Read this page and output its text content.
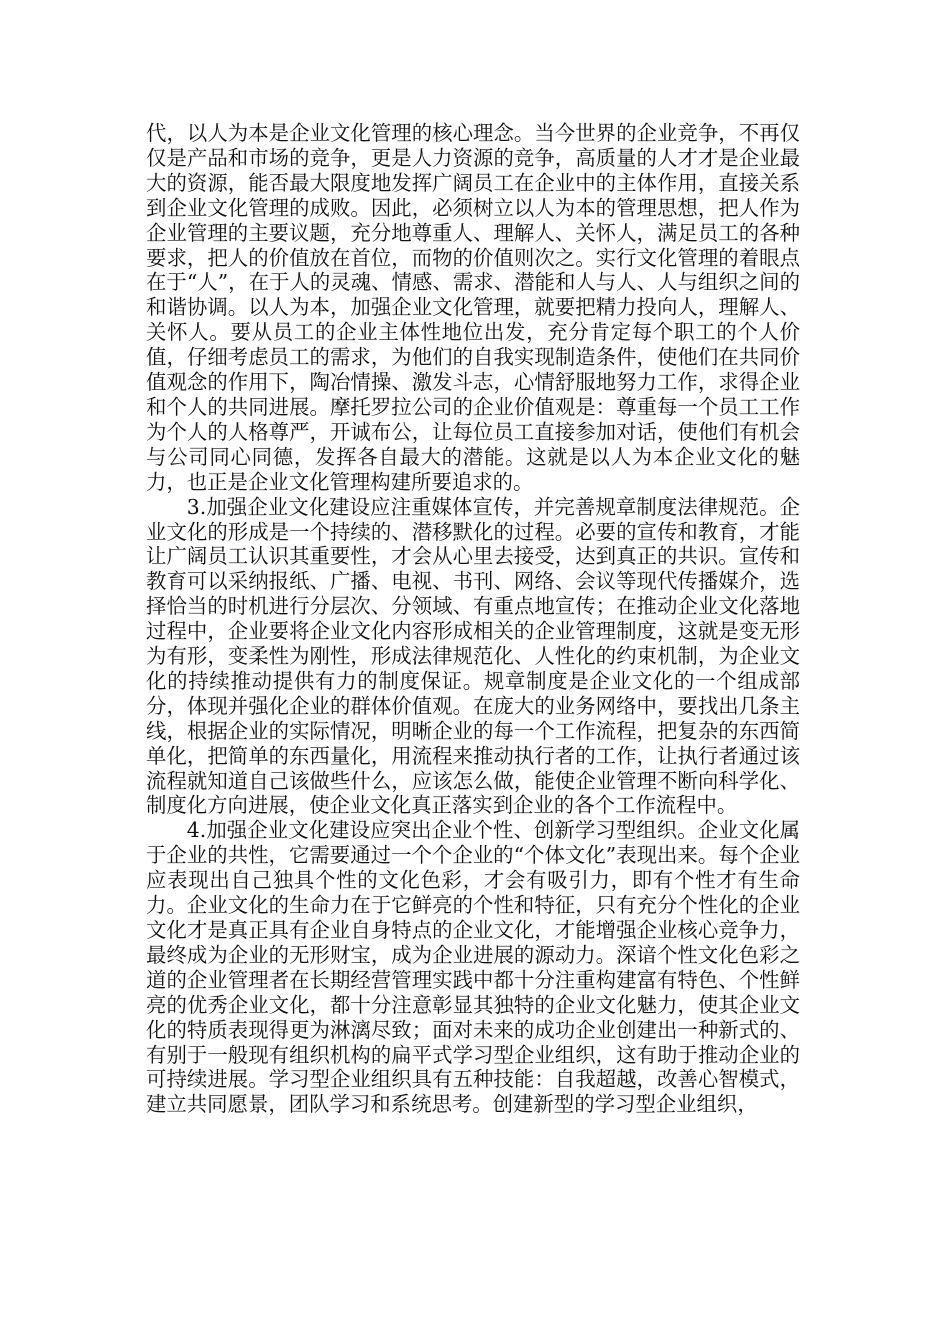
代，以人为本是企业文化管理的核心理念。当今世界的企业竞争，不再仅仅是产品和市场的竞争，更是人力资源的竞争，高质量的人才才是企业最大的资源，能否最大限度地发挥广阔员工在企业中的主体作用，直接关系到企业文化管理的成败。因此，必须树立以人为本的管理思想，把人作为企业管理的主要议题，充分地尊重人、理解人、关怀人，满足员工的各种要求，把人的价值放在首位，而物的价值则次之。实行文化管理的着眼点在于“人”，在于人的灵魂、情感、需求、潜能和人与人、人与组织之间的和谐协调。以人为本，加强企业文化管理，就要把精力投向人，理解人、关怀人。要从员工的企业主体性地位出发，充分肯定每个职工的个人价值，仔细考虑员工的需求，为他们的自我实现制造条件，使他们在共同价值观念的作用下，陶冶情操、激发斗志，心情舒服地努力工作，求得企业和个人的共同进展。摩托罗拉公司的企业价值观是：尊重每一个员工工作为个人的人格尊严，开诚布公，让每位员工直接参加对话，使他们有机会与公司同心同德，发挥各自最大的潜能。这就是以人为本企业文化的魅力，也正是企业文化管理构建所要追求的。

3.加强企业文化建设应注重媒体宣传，并完善规章制度法律规范。企业文化的形成是一个持续的、潜移默化的过程。必要的宣传和教育，才能让广阔员工认识其重要性，才会从心里去接受，达到真正的共识。宣传和教育可以采纳报纸、广播、电视、书刊、网络、会议等现代传播媒介，选择恰当的时机进行分层次、分领域、有重点地宣传；在推动企业文化落地过程中，企业要将企业文化内容形成相关的企业管理制度，这就是变无形为有形，变柔性为刚性，形成法律规范化、人性化的约束机制，为企业文化的持续推动提供有力的制度保证。规章制度是企业文化的一个组成部分，体现并强化企业的群体价值观。在庞大的业务网络中，要找出几条主线，根据企业的实际情况，明晰企业的每一个工作流程，把复杂的东西简单化，把简单的东西量化，用流程来推动执行者的工作，让执行者通过该流程就知道自己该做些什么，应该怎么做，能使企业管理不断向科学化、制度化方向进展，使企业文化真正落实到企业的各个工作流程中。

4.加强企业文化建设应突出企业个性、创新学习型组织。企业文化属于企业的共性，它需要通过一个个企业的“个体文化”表现出来。每个企业应表现出自己独具个性的文化色彩，才会有吸引力，即有个性才有生命力。企业文化的生命力在于它鲜亮的个性和特征，只有充分个性化的企业文化才是真正具有企业自身特点的企业文化，才能增强企业核心竞争力，最终成为企业的无形财宝，成为企业进展的源动力。深谙个性文化色彩之道的企业管理者在长期经营管理实践中都十分注重构建富有特色、个性鲜亮的优秀企业文化，都十分注意彰显其独特的企业文化魅力，使其企业文化的特质表现得更为淋漓尽致；面对未来的成功企业创建出一种新式的、有别于一般现有组织机构的扁平式学习型企业组织，这有助于推动企业的可持续进展。学习型企业组织具有五种技能：自我超越，改善心智模式，建立共同愿景，团队学习和系统思考。创建新型的学习型企业组织，
